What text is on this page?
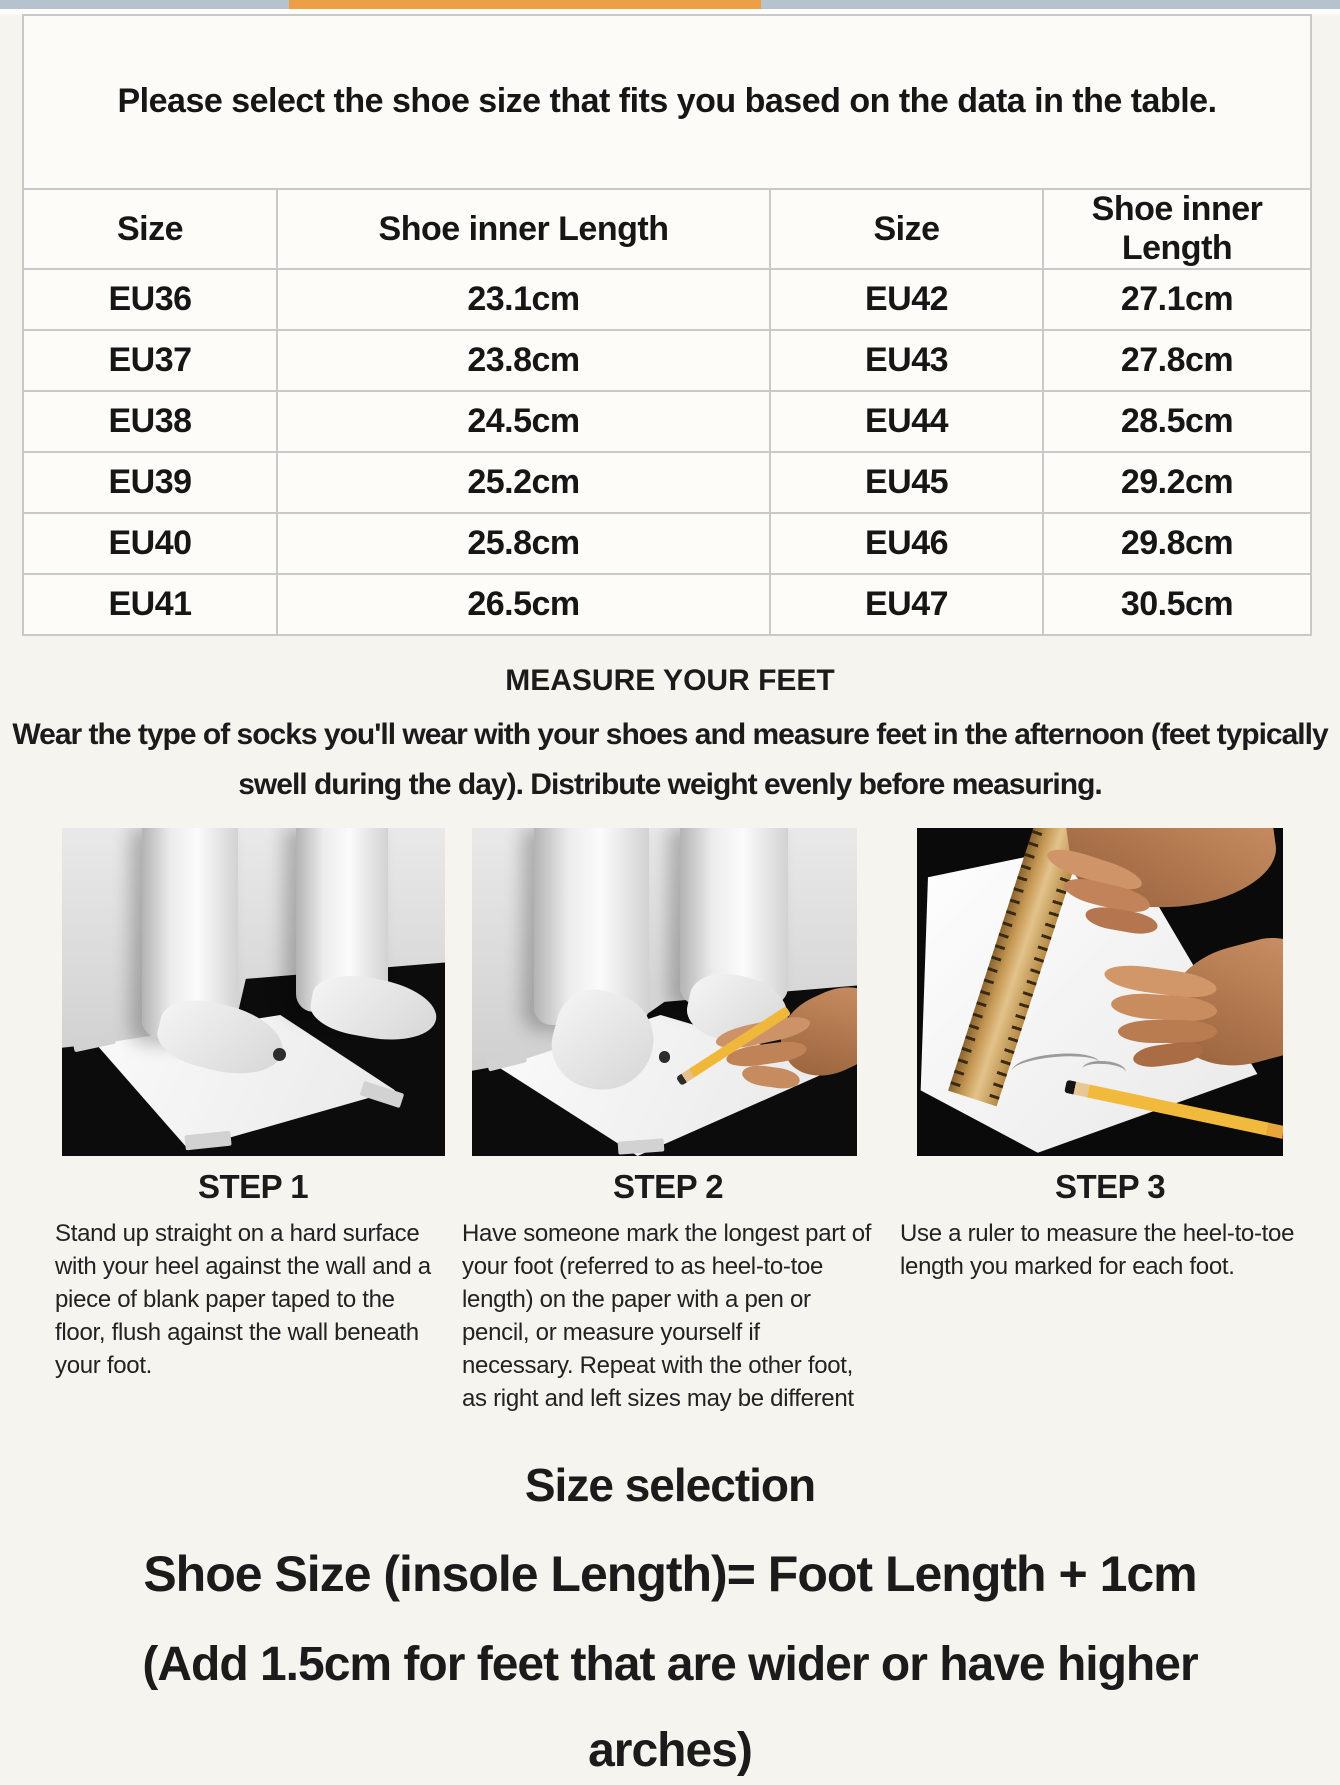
Please select the shoe size that fits you based on the data in the table.			
Size	Shoe inner Length	Size	Shoe inner Length
EU36	23.1cm	EU42	27.1cm
EU37	23.8cm	EU43	27.8cm
EU38	24.5cm	EU44	28.5cm
EU39	25.2cm	EU45	29.2cm
EU40	25.8cm	EU46	29.8cm
EU41	26.5cm	EU47	30.5cm
MEASURE YOUR FEET
Wear the type of socks you'll wear with your shoes and measure feet in the afternoon (feet typically swell during the day). Distribute weight evenly before measuring.
STEP 1
Stand up straight on a hard surface with your heel against the wall and a piece of blank paper taped to the floor, flush against the wall beneath your foot.
STEP 2
Have someone mark the longest part of your foot (referred to as heel-to-toe length) on the paper with a pen or pencil, or measure yourself if necessary. Repeat with the other foot, as right and left sizes may be different
STEP 3
Use a ruler to measure the heel-to-toe length you marked for each foot.
Size selection
Shoe Size (insole Length)= Foot Length + 1cm
(Add 1.5cm for feet that are wider or have higher arches)
